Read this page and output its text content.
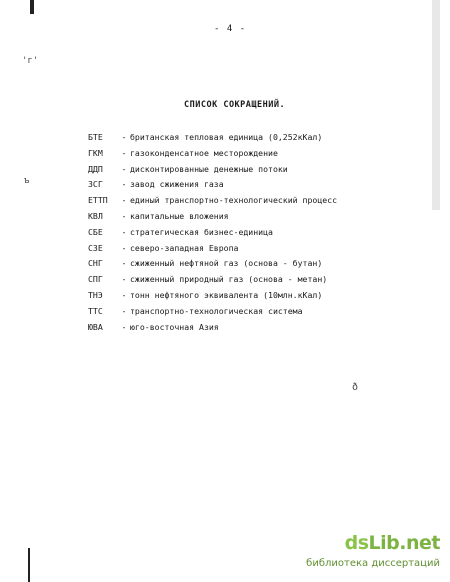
'г'
ъ
- 4 -
СПИСОК СОКРАЩЕНИЙ.
БТЕ - британская тепловая единица (0,252кКал)
ГКМ - газоконденсатное месторождение
ДДП - дисконтированные денежные потоки
ЗСГ - завод сжижения газа
ЕТТП - единый транспортно-технологический процесс
КВЛ - капитальные вложения
СБЕ - стратегическая бизнес-единица
СЗЕ - северо-западная Европа
СНГ - сжиженный нефтяной газ (основа - бутан)
СПГ - сжиженный природный газ (основа - метан)
ТНЭ - тонн нефтяного эквивалента (10млн.кКал)
ТТС - транспортно-технологическая система
ЮВА - юго-восточная Азия
ð
dsLib.net
библиотека диссертаций
